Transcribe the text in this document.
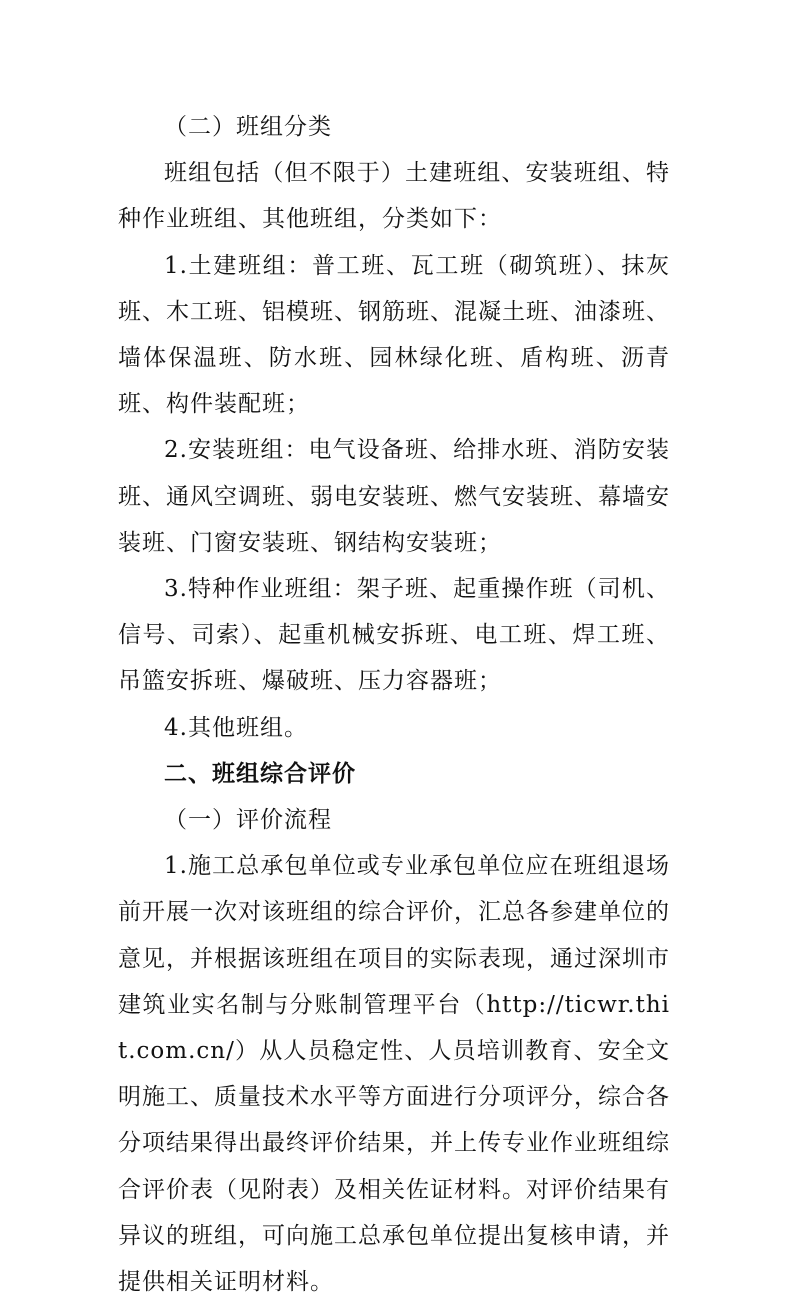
（二）班组分类

班组包括（但不限于）土建班组、安装班组、特种作业班组、其他班组，分类如下：

1.土建班组：普工班、瓦工班（砌筑班）、抹灰班、木工班、铝模班、钢筋班、混凝土班、油漆班、墙体保温班、防水班、园林绿化班、盾构班、沥青班、构件装配班；

2.安装班组：电气设备班、给排水班、消防安装班、通风空调班、弱电安装班、燃气安装班、幕墙安装班、门窗安装班、钢结构安装班；

3.特种作业班组：架子班、起重操作班（司机、信号、司索）、起重机械安拆班、电工班、焊工班、吊篮安拆班、爆破班、压力容器班；

4.其他班组。

二、班组综合评价

（一）评价流程

1.施工总承包单位或专业承包单位应在班组退场前开展一次对该班组的综合评价，汇总各参建单位的意见，并根据该班组在项目的实际表现，通过深圳市建筑业实名制与分账制管理平台（http://ticwr.thit.com.cn/）从人员稳定性、人员培训教育、安全文明施工、质量技术水平等方面进行分项评分，综合各分项结果得出最终评价结果，并上传专业作业班组综合评价表（见附表）及相关佐证材料。对评价结果有异议的班组，可向施工总承包单位提出复核申请，并提供相关证明材料。
